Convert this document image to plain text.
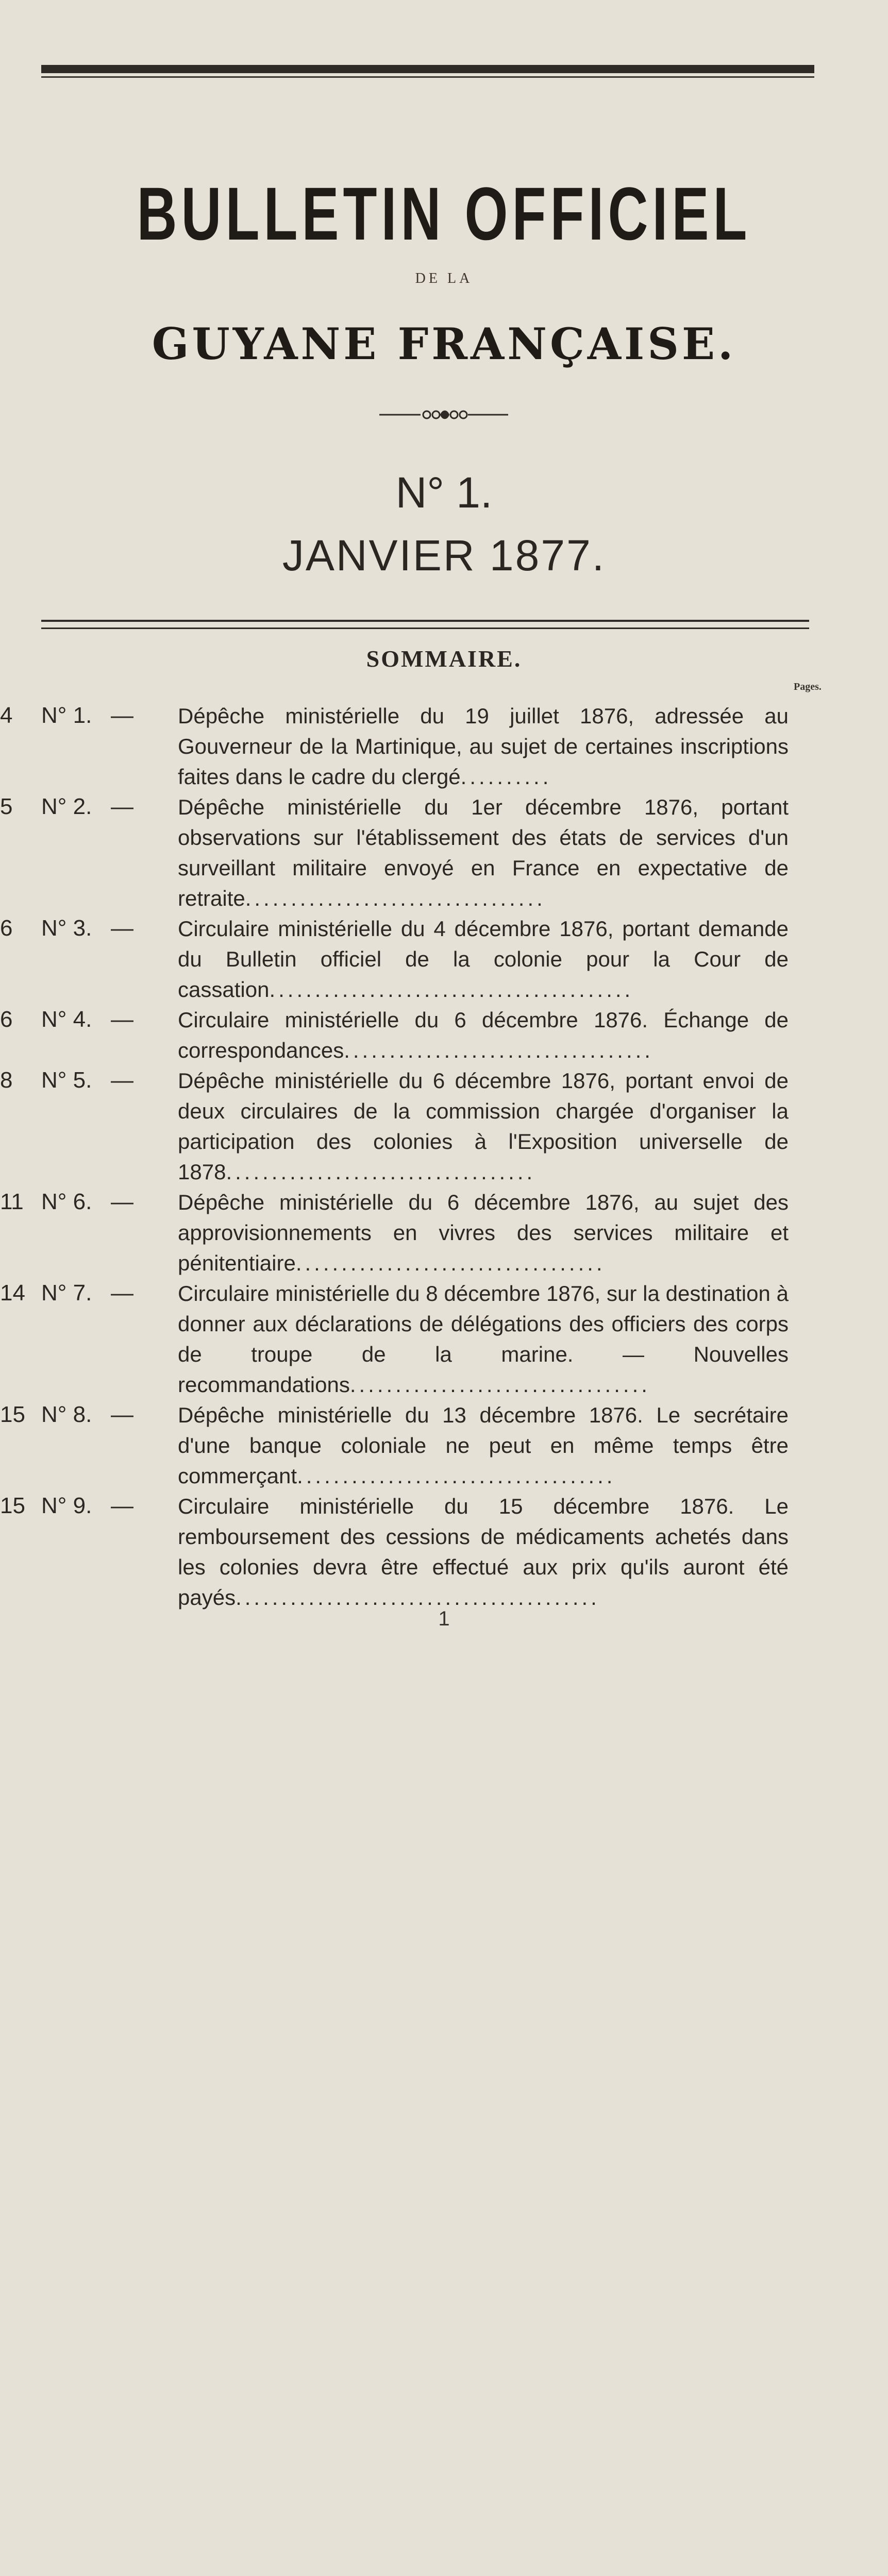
BULLETIN OFFICIEL
DE LA
GUYANE FRANÇAISE.
N° 1.
JANVIER 1877.
SOMMAIRE.
Pages.
N° 1. — Dépêche ministérielle du 19 juillet 1876, adressée au Gouverneur de la Martinique, au sujet de certaines inscriptions faites dans le cadre du clergé..........
4
N° 2. — Dépêche ministérielle du 1er décembre 1876, portant observations sur l'établissement des états de services d'un surveillant militaire envoyé en France en expectative de retraite.................................
5
N° 3. — Circulaire ministérielle du 4 décembre 1876, portant demande du Bulletin officiel de la colonie pour la Cour de cassation........................................
6
N° 4. — Circulaire ministérielle du 6 décembre 1876. Échange de correspondances..................................
6
N° 5. — Dépêche ministérielle du 6 décembre 1876, portant envoi de deux circulaires de la commission chargée d'organiser la participation des colonies à l'Exposition universelle de 1878..................................
8
N° 6. — Dépêche ministérielle du 6 décembre 1876, au sujet des approvisionnements en vivres des services militaire et pénitentiaire..................................
11
N° 7. — Circulaire ministérielle du 8 décembre 1876, sur la destination à donner aux déclarations de délégations des officiers des corps de troupe de la marine. — Nouvelles recommandations.................................
14
N° 8. — Dépêche ministérielle du 13 décembre 1876. Le secrétaire d'une banque coloniale ne peut en même temps être commerçant...................................
15
N° 9. — Circulaire ministérielle du 15 décembre 1876. Le remboursement des cessions de médicaments achetés dans les colonies devra être effectué aux prix qu'ils auront été payés........................................
15
1
